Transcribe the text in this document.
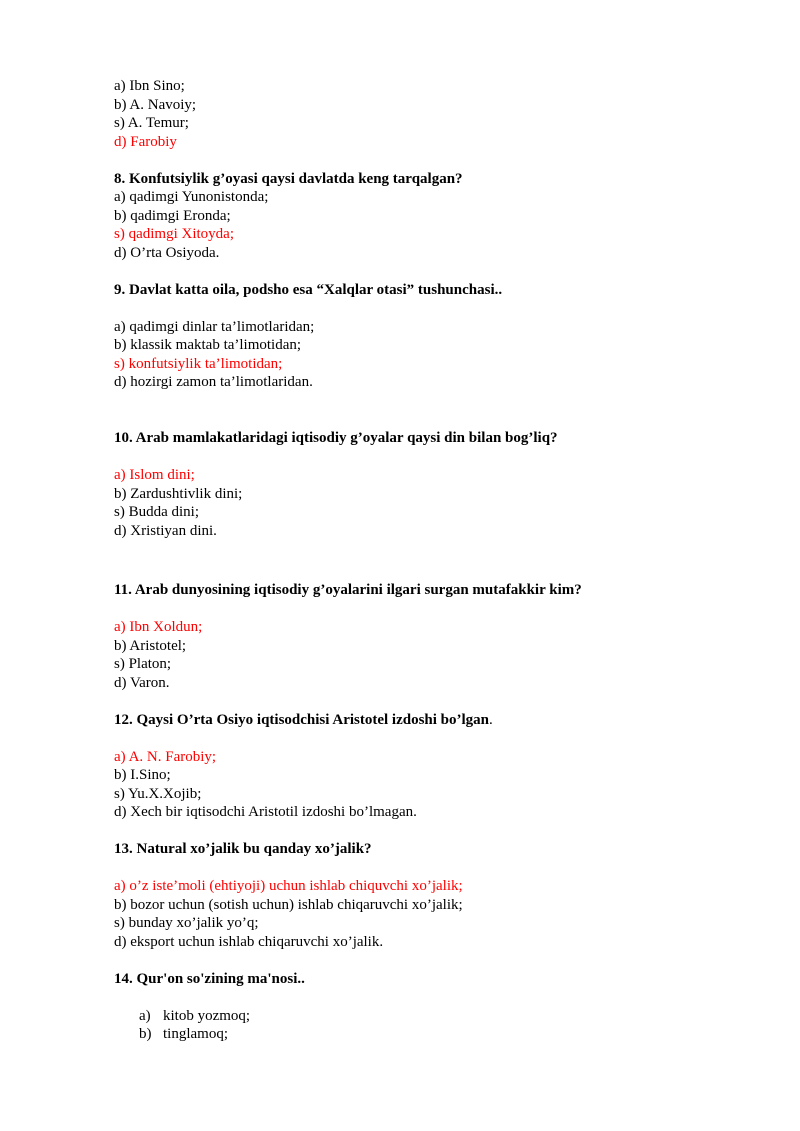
a) Ibn Sino;
b) A. Navoiy;
s) A. Temur;
d) Farobiy
8. Konfutsiylik g’oyasi qaysi davlatda keng tarqalgan?
a) qadimgi Yunonistonda;
b) qadimgi Eronda;
s) qadimgi Xitoyda;
d) O’rta Osiyoda.
9. Davlat katta oila, podsho esa “Xalqlar otasi” tushunchasi..
a) qadimgi dinlar ta’limotlaridan;
b) klassik maktab ta’limotidan;
s) konfutsiylik ta’limotidan;
d) hozirgi zamon ta’limotlaridan.
10. Arab mamlakatlaridagi iqtisodiy g’oyalar qaysi din bilan bog’liq?
a) Islom dini;
b) Zardushtivlik dini;
s) Budda dini;
d) Xristiyan dini.
11. Arab dunyosining iqtisodiy g’oyalarini ilgari surgan mutafakkir kim?
a) Ibn Xoldun;
b) Aristotel;
s) Platon;
d) Varon.
12. Qaysi O’rta Osiyo iqtisodchisi Aristotel izdoshi bo’lgan.
a) A. N. Farobiy;
b) I.Sino;
s) Yu.X.Xojib;
d) Xech bir iqtisodchi Aristotil izdoshi bo’lmagan.
13. Natural xo’jalik bu qanday xo’jalik?
a) o’z iste’moli (ehtiyoji) uchun ishlab chiquvchi xo’jalik;
b) bozor uchun (sotish uchun) ishlab chiqaruvchi xo’jalik;
s) bunday xo’jalik yo’q;
d) eksport uchun ishlab chiqaruvchi xo’jalik.
14. Qur'on so'zining ma'nosi..
a) kitob yozmoq;
b) tinglamoq;
